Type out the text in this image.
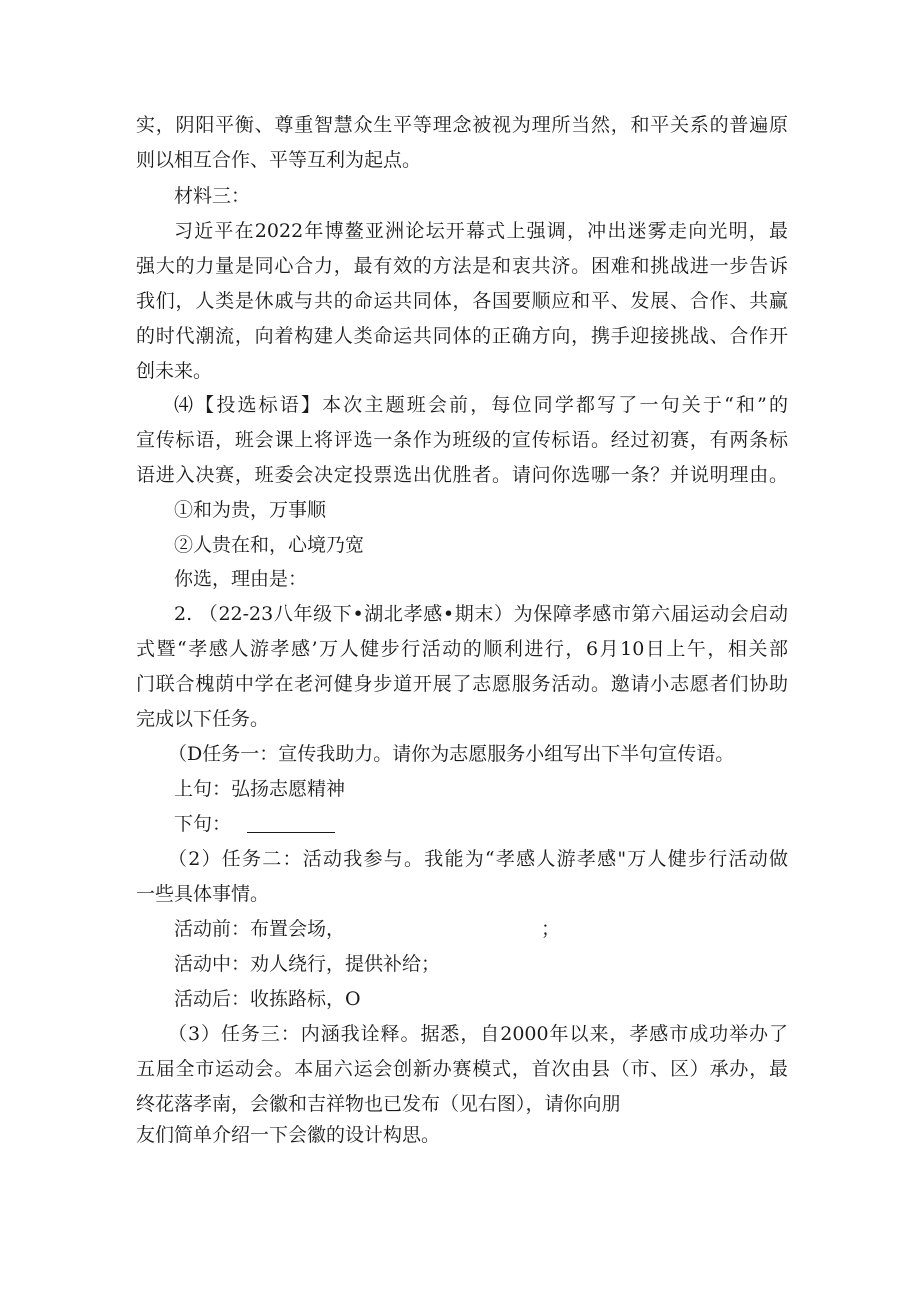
实，阴阳平衡、尊重智慧众生平等理念被视为理所当然，和平关系的普遍原
则以相互合作、平等互利为起点。
材料三：
习近平在2022年博鳌亚洲论坛开幕式上强调，冲出迷雾走向光明，最
强大的力量是同心合力，最有效的方法是和衷共济。困难和挑战进一步告诉
我们，人类是休戚与共的命运共同体，各国要顺应和平、发展、合作、共赢
的时代潮流，向着构建人类命运共同体的正确方向，携手迎接挑战、合作开
创未来。
⑷【投选标语】本次主题班会前，每位同学都写了一句关于“和”的
宣传标语，班会课上将评选一条作为班级的宣传标语。经过初赛，有两条标
语进入决赛，班委会决定投票选出优胜者。请问你选哪一条？并说明理由。
①和为贵，万事顺
②人贵在和，心境乃宽
你选，理由是：
2. （22-23八年级下•湖北孝感•期末）为保障孝感市第六届运动会启动
式暨“孝感人游孝感’万人健步行活动的顺利进行，6月10日上午，相关部
门联合槐荫中学在老河健身步道开展了志愿服务活动。邀请小志愿者们协助
完成以下任务。
（D任务一：宣传我助力。请你为志愿服务小组写出下半句宣传语。
上句：弘扬志愿精神
下句：
（2）任务二：活动我参与。我能为“孝感人游孝感"万人健步行活动做
一些具体事情。
活动前：布置会场，	；
活动中：劝人绕行，提供补给；
活动后：收拣路标，O
（3）任务三：内涵我诠释。据悉，自2000年以来，孝感市成功举办了
五届全市运动会。本届六运会创新办赛模式，首次由县（市、区）承办，最
终花落孝南，会徽和吉祥物也已发布（见右图），请你向朋
友们简单介绍一下会徽的设计构思。
